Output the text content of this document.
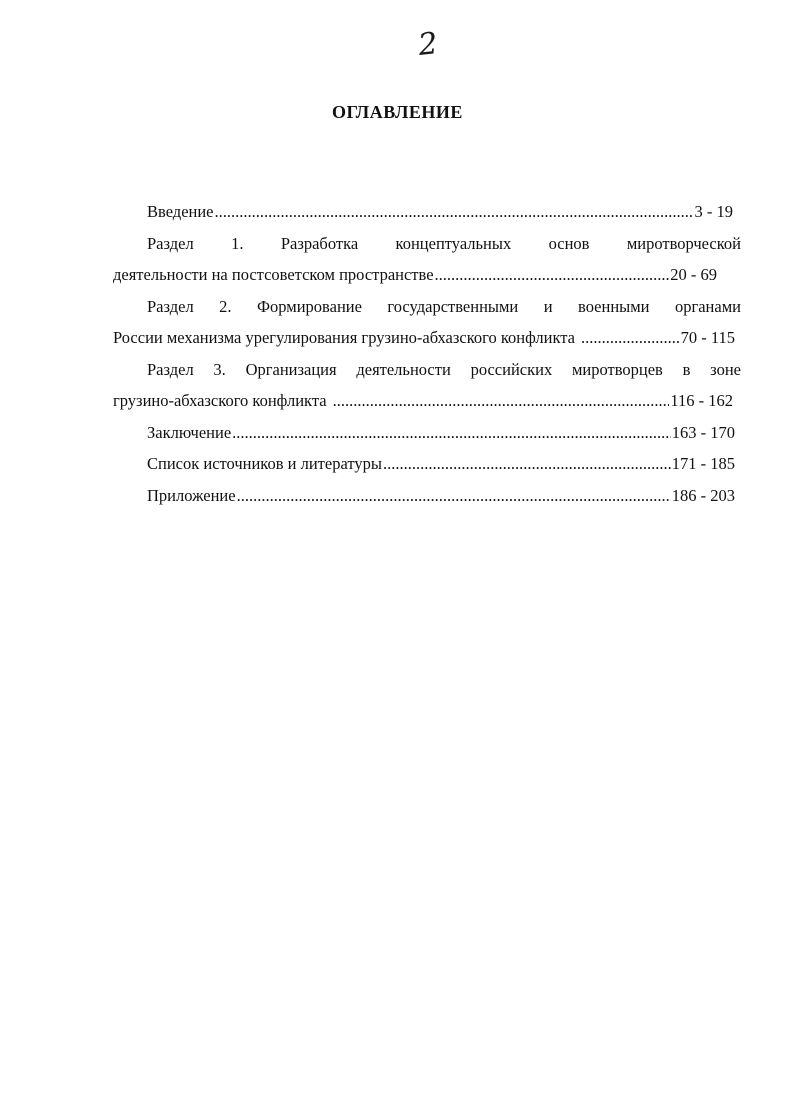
2
ОГЛАВЛЕНИЕ
Введение .....	3 - 19
Раздел 1. Разработка концептуальных основ миротворческой
деятельности на постсоветском пространстве .....	20 - 69
Раздел 2. Формирование государственными и военными органами
России механизма урегулирования грузино-абхазского конфликта .....	70 - 115
Раздел 3. Организация деятельности российских миротворцев в зоне
грузино-абхазского конфликта .....	116 - 162
Заключение .....	163 - 170
Список источников и литературы .....	171 - 185
Приложение .....	186 - 203
